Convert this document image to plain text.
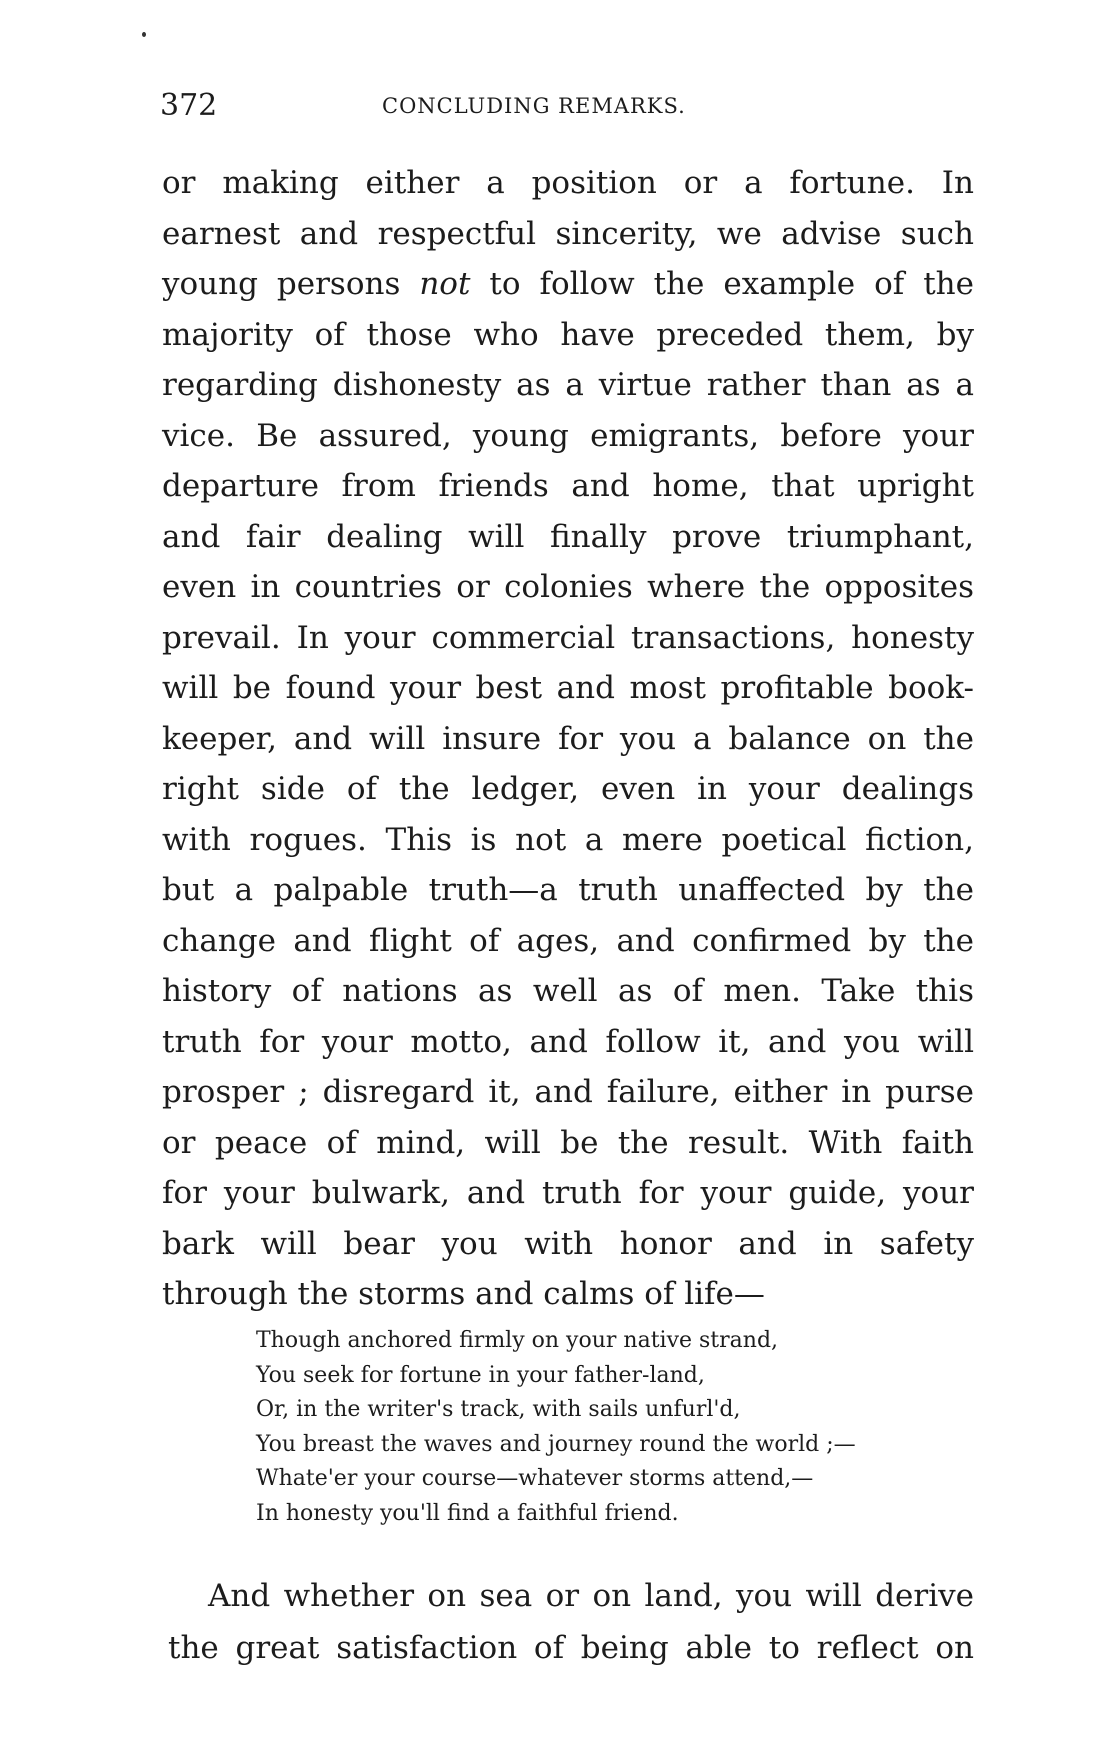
372	CONCLUDING REMARKS.
or making either a position or a fortune. In
earnest and respectful sincerity, we advise such
young persons not to follow the example of the
majority of those who have preceded them, by
regarding dishonesty as a virtue rather than as a
vice. Be assured, young emigrants, before your
departure from friends and home, that upright
and fair dealing will finally prove triumphant,
even in countries or colonies where the opposites
prevail. In your commercial transactions, honesty
will be found your best and most profitable book-
keeper, and will insure for you a balance on the
right side of the ledger, even in your dealings
with rogues. This is not a mere poetical fiction,
but a palpable truth—a truth unaffected by the
change and flight of ages, and confirmed by the
history of nations as well as of men. Take this
truth for your motto, and follow it, and you will
prosper ; disregard it, and failure, either in purse
or peace of mind, will be the result. With faith
for your bulwark, and truth for your guide, your
bark will bear you with honor and in safety
through the storms and calms of life—
Though anchored firmly on your native strand,
You seek for fortune in your father-land,
Or, in the writer's track, with sails unfurl'd,
You breast the waves and journey round the world ;—
Whate'er your course—whatever storms attend,—
In honesty you'll find a faithful friend.
And whether on sea or on land, you will derive
the great satisfaction of being able to reflect on
